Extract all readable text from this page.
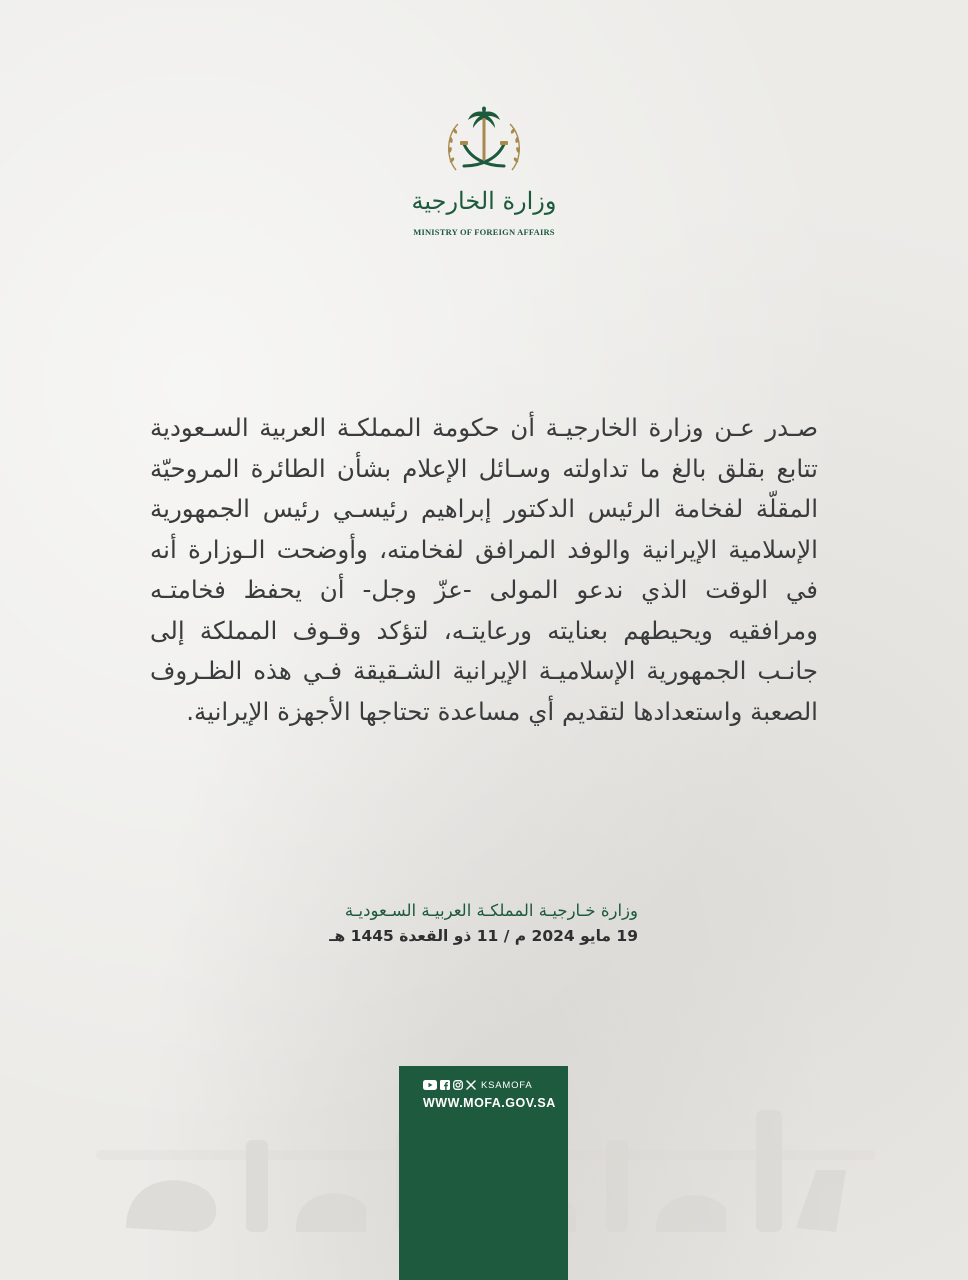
وزارة الخارجية
MINISTRY OF FOREIGN AFFAIRS
صـدر عـن وزارة الخارجيـة أن حكومة المملكـة العربية السـعودية تتابع بقلق بالغ ما تداولته وسـائل الإعلام بشأن الطائرة المروحيّة المقلّة لفخامة الرئيس الدكتور إبراهيم رئيسـي رئيس الجمهورية الإسلامية الإيرانية والوفد المرافق لفخامته، وأوضحت الـوزارة أنه في الوقت الذي ندعو المولى -عزّ وجل- أن يحفظ فخامتـه ومرافقيه ويحيطهم بعنايته ورعايتـه، لتؤكد وقـوف المملكة إلى جانـب الجمهورية الإسلاميـة الإيرانية الشـقيقة فـي هذه الظـروف الصعبة واستعدادها لتقديم أي مساعدة تحتاجها الأجهزة الإيرانية.
وزارة خـارجيـة المملكـة العربيـة السـعوديـة
19 مايو 2024 م / 11 ذو القعدة 1445 هـ
KSAMOFA
WWW.MOFA.GOV.SA
